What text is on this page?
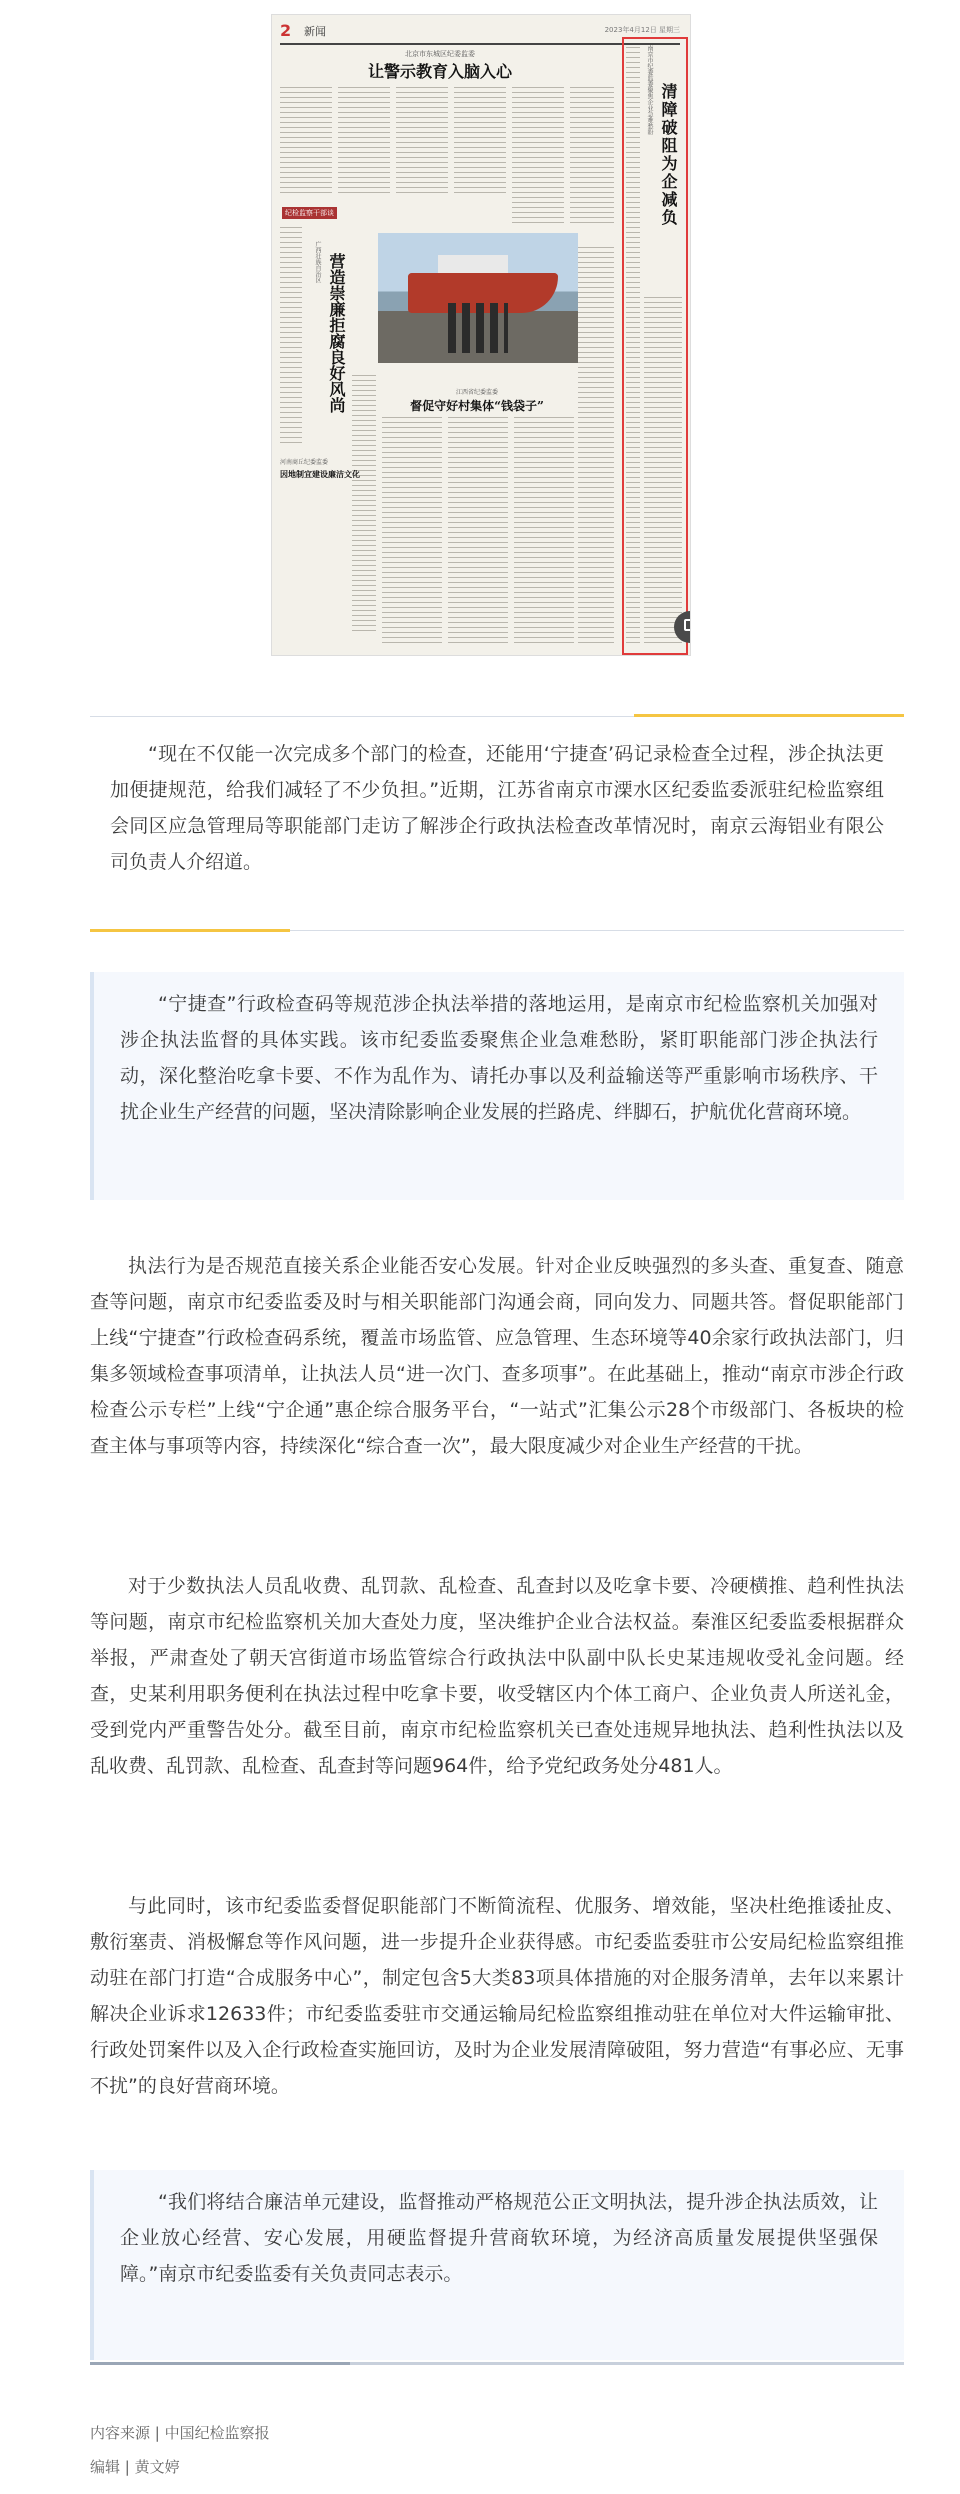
2 新闻	2023年4月12日 星期三
北京市东城区纪委监委
让警示教育入脑入心
纪检监察干部谈
广西壮族自治区 营造崇廉拒腐良好风尚	江西省纪委监委
督促守好村集体“钱袋子”
河南商丘纪委监委
因地制宜建设廉洁文化
南京市纪委监委聚焦企业急难愁盼 清障破阻为企减负

“现在不仅能一次完成多个部门的检查，还能用‘宁捷查’码记录检查全过程，涉企执法更加便捷规范，给我们减轻了不少负担。”近期，江苏省南京市溧水区纪委监委派驻纪检监察组会同区应急管理局等职能部门走访了解涉企行政执法检查改革情况时，南京云海铝业有限公司负责人介绍道。

“宁捷查”行政检查码等规范涉企执法举措的落地运用，是南京市纪检监察机关加强对涉企执法监督的具体实践。该市纪委监委聚焦企业急难愁盼，紧盯职能部门涉企执法行动，深化整治吃拿卡要、不作为乱作为、请托办事以及利益输送等严重影响市场秩序、干扰企业生产经营的问题，坚决清除影响企业发展的拦路虎、绊脚石，护航优化营商环境。

执法行为是否规范直接关系企业能否安心发展。针对企业反映强烈的多头查、重复查、随意查等问题，南京市纪委监委及时与相关职能部门沟通会商，同向发力、同题共答。督促职能部门上线“宁捷查”行政检查码系统，覆盖市场监管、应急管理、生态环境等40余家行政执法部门，归集多领域检查事项清单，让执法人员“进一次门、查多项事”。在此基础上，推动“南京市涉企行政检查公示专栏”上线“宁企通”惠企综合服务平台，“一站式”汇集公示28个市级部门、各板块的检查主体与事项等内容，持续深化“综合查一次”，最大限度减少对企业生产经营的干扰。

对于少数执法人员乱收费、乱罚款、乱检查、乱查封以及吃拿卡要、冷硬横推、趋利性执法等问题，南京市纪检监察机关加大查处力度，坚决维护企业合法权益。秦淮区纪委监委根据群众举报，严肃查处了朝天宫街道市场监管综合行政执法中队副中队长史某违规收受礼金问题。经查，史某利用职务便利在执法过程中吃拿卡要，收受辖区内个体工商户、企业负责人所送礼金，受到党内严重警告处分。截至目前，南京市纪检监察机关已查处违规异地执法、趋利性执法以及乱收费、乱罚款、乱检查、乱查封等问题964件，给予党纪政务处分481人。

与此同时，该市纪委监委督促职能部门不断简流程、优服务、增效能，坚决杜绝推诿扯皮、敷衍塞责、消极懈怠等作风问题，进一步提升企业获得感。市纪委监委驻市公安局纪检监察组推动驻在部门打造“合成服务中心”，制定包含5大类83项具体措施的对企服务清单，去年以来累计解决企业诉求12633件；市纪委监委驻市交通运输局纪检监察组推动驻在单位对大件运输审批、行政处罚案件以及入企行政检查实施回访，及时为企业发展清障破阻，努力营造“有事必应、无事不扰”的良好营商环境。

“我们将结合廉洁单元建设，监督推动严格规范公正文明执法，提升涉企执法质效，让企业放心经营、安心发展，用硬监督提升营商软环境，为经济高质量发展提供坚强保障。”南京市纪委监委有关负责同志表示。

内容来源 | 中国纪检监察报
编辑 | 黄文婷
